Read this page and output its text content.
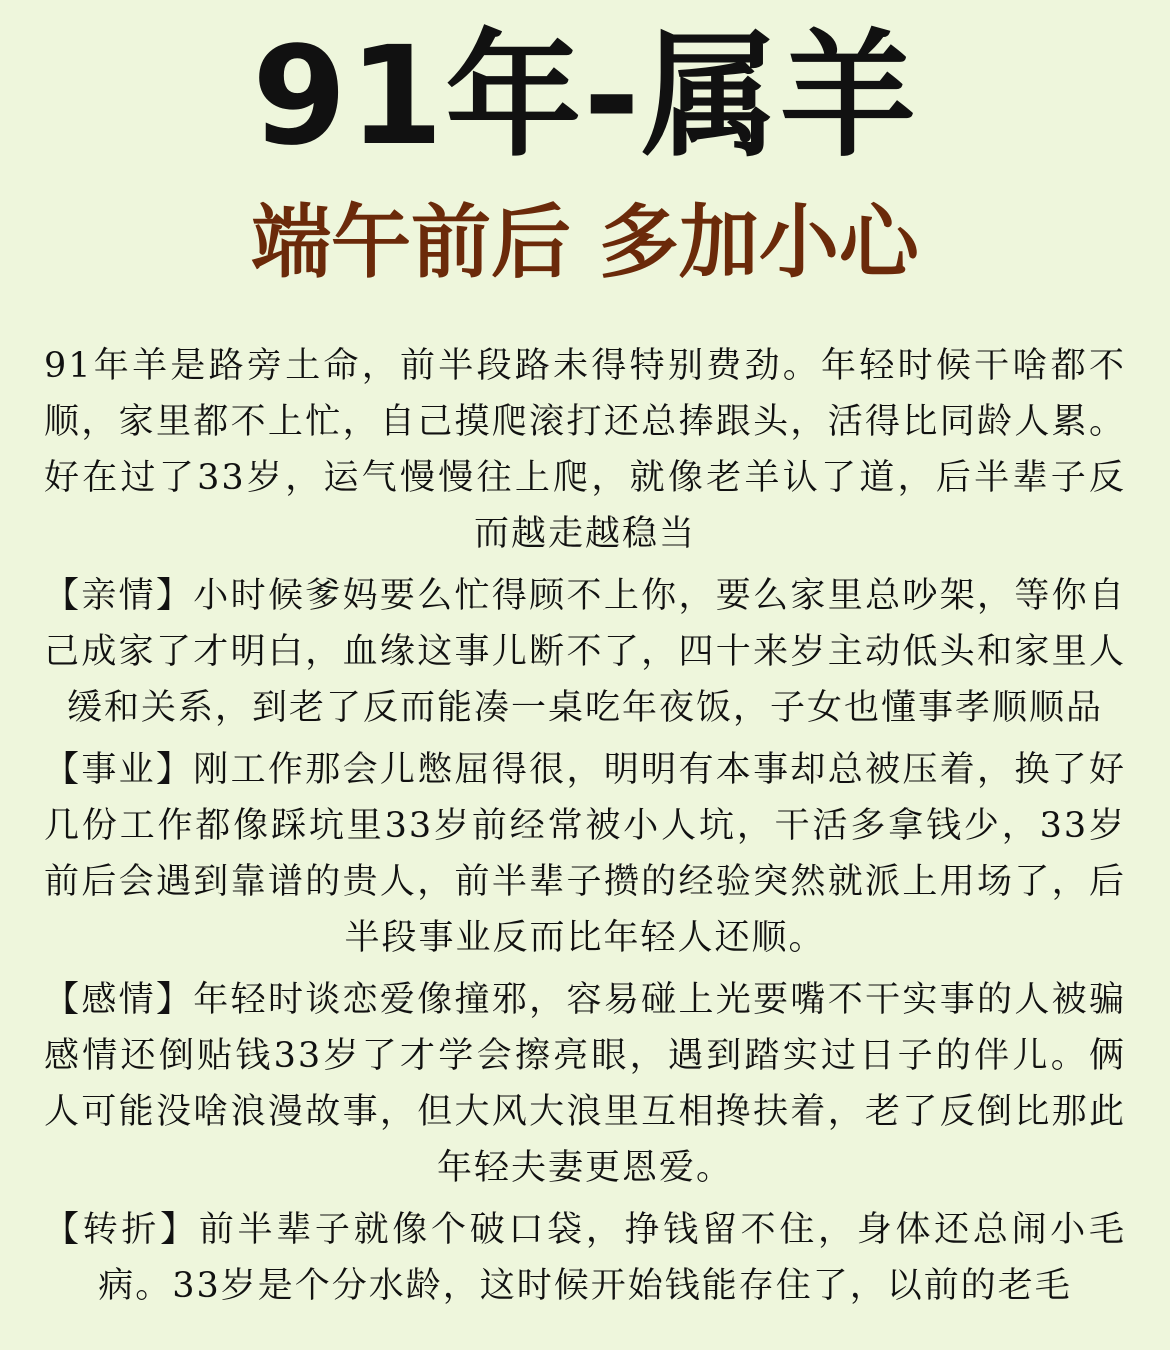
91年-属羊
端午前后 多加小心

91年羊是路旁土命，前半段路未得特别费劲。年轻时候干啥都不顺，家里都不上忙，自己摸爬滚打还总捧跟头，活得比同龄人累。好在过了33岁，运气慢慢往上爬，就像老羊认了道，后半辈子反而越走越稳当

【亲情】小时候爹妈要么忙得顾不上你，要么家里总吵架，等你自己成家了才明白，血缘这事儿断不了，四十来岁主动低头和家里人缓和关系，到老了反而能凑一桌吃年夜饭，子女也懂事孝顺顺品

【事业】刚工作那会儿憋屈得很，明明有本事却总被压着，换了好几份工作都像踩坑里33岁前经常被小人坑，干活多拿钱少，33岁前后会遇到靠谱的贵人，前半辈子攒的经验突然就派上用场了，后半段事业反而比年轻人还顺。

【感情】年轻时谈恋爱像撞邪，容易碰上光要嘴不干实事的人被骗感情还倒贴钱33岁了才学会擦亮眼，遇到踏实过日子的伴儿。俩人可能没啥浪漫故事，但大风大浪里互相搀扶着，老了反倒比那此年轻夫妻更恩爱。

【转折】前半辈子就像个破口袋，挣钱留不住，身体还总闹小毛病。33岁是个分水龄，这时候开始钱能存住了，以前的老毛
